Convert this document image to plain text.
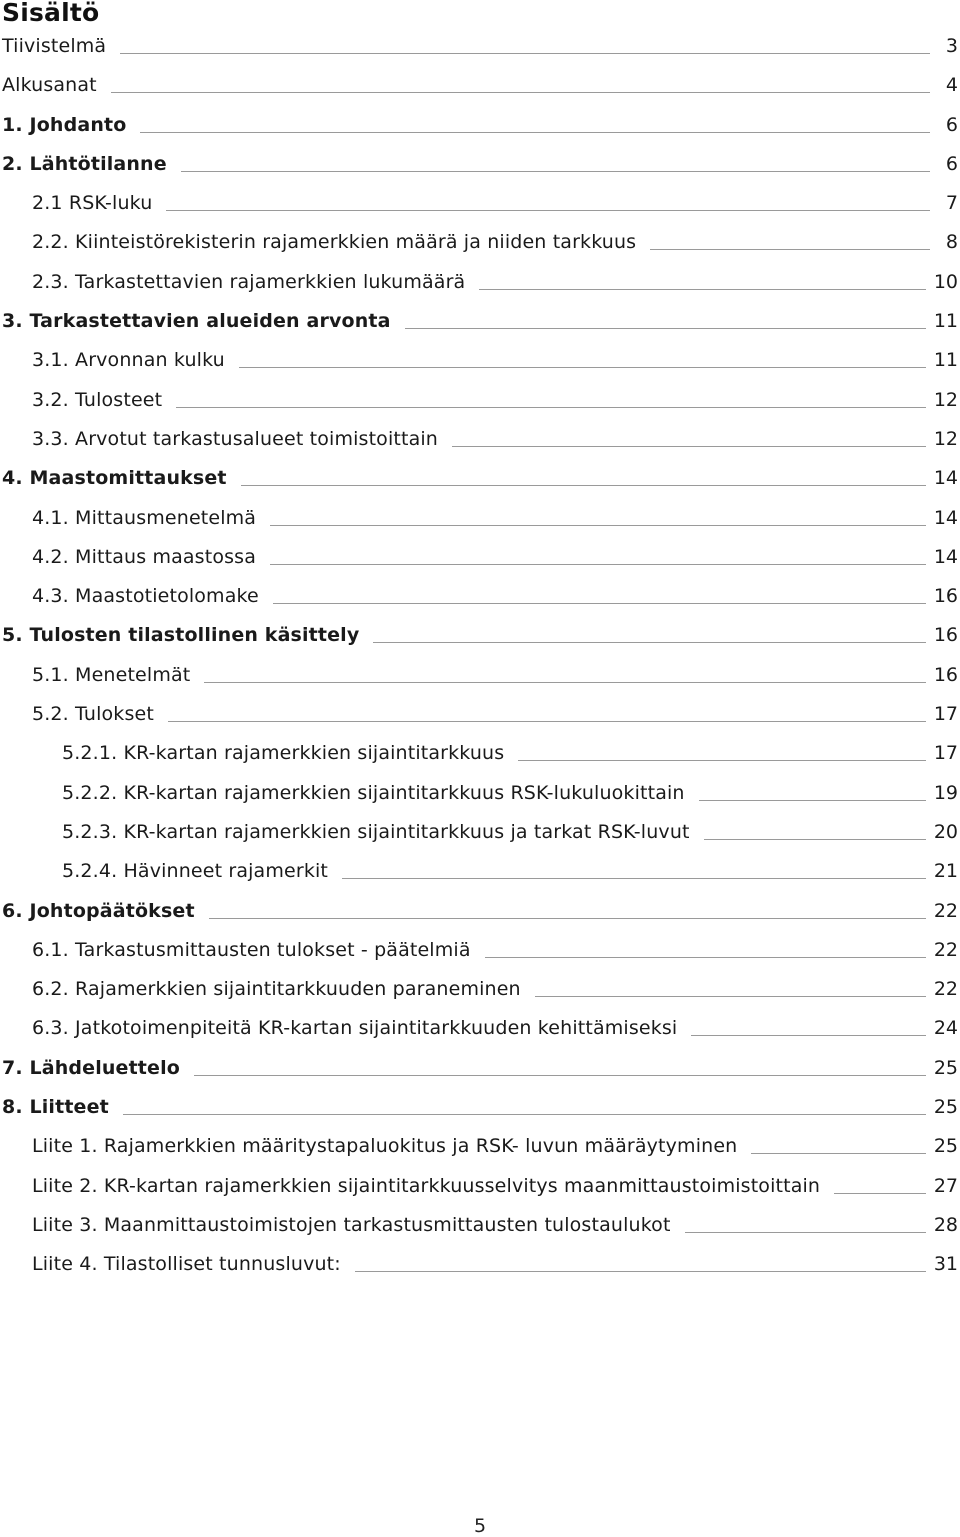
Sisältö
Tiivistelmä	3
Alkusanat	4
1. Johdanto	6
2. Lähtötilanne	6
2.1 RSK-luku	7
2.2. Kiinteistörekisterin rajamerkkien määrä ja niiden tarkkuus	8
2.3. Tarkastettavien rajamerkkien lukumäärä	10
3. Tarkastettavien alueiden arvonta	11
3.1. Arvonnan kulku	11
3.2. Tulosteet	12
3.3. Arvotut tarkastusalueet toimistoittain	12
4. Maastomittaukset	14
4.1. Mittausmenetelmä	14
4.2. Mittaus maastossa	14
4.3. Maastotietolomake	16
5. Tulosten tilastollinen käsittely	16
5.1. Menetelmät	16
5.2. Tulokset	17
5.2.1. KR-kartan rajamerkkien sijaintitarkkuus	17
5.2.2. KR-kartan rajamerkkien sijaintitarkkuus RSK-lukuluokittain	19
5.2.3. KR-kartan rajamerkkien sijaintitarkkuus ja tarkat RSK-luvut	20
5.2.4. Hävinneet rajamerkit	21
6. Johtopäätökset	22
6.1. Tarkastusmittausten tulokset - päätelmiä	22
6.2. Rajamerkkien sijaintitarkkuuden paraneminen	22
6.3. Jatkotoimenpiteitä KR-kartan sijaintitarkkuuden kehittämiseksi	24
7. Lähdeluettelo	25
8. Liitteet	25
Liite 1. Rajamerkkien määritystapaluokitus ja RSK- luvun määräytyminen	25
Liite 2. KR-kartan rajamerkkien sijaintitarkkuusselvitys maanmittaustoimistoittain	27
Liite 3. Maanmittaustoimistojen tarkastusmittausten tulostaulukot	28
Liite 4. Tilastolliset tunnusluvut:	31
5
